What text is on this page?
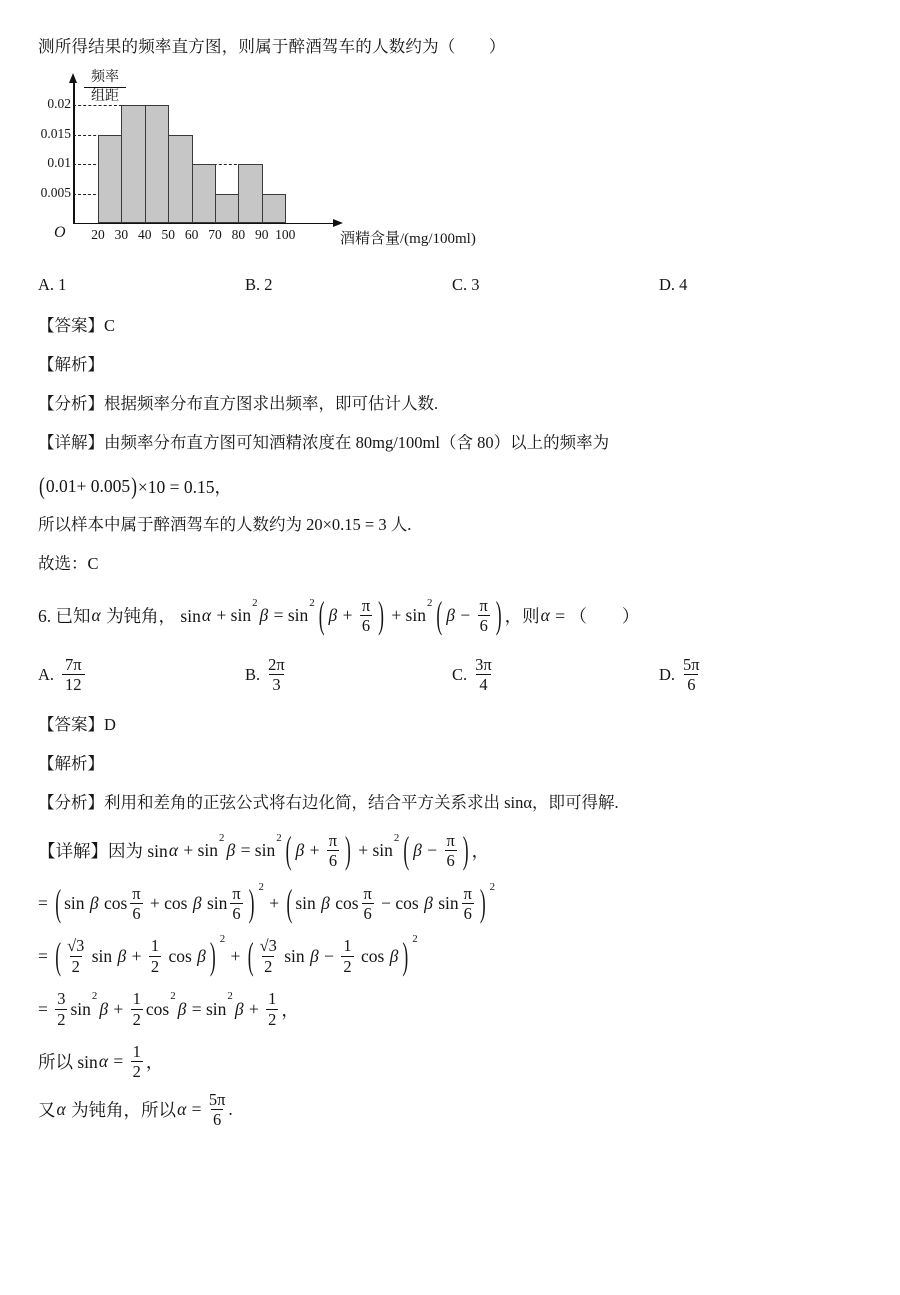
测所得结果的频率直方图，则属于醉酒驾车的人数约为（　　）
频率
组距
酒精含量/(mg/100ml)
O
0.005
0.01
0.015
0.02
20 30 40 50 60 70 80 90 100
A. 1	B. 2	C. 3	D. 4
【答案】C
【解析】
【分析】根据频率分布直方图求出频率，即可估计人数.
【详解】由频率分布直方图可知酒精浓度在 80mg/100ml（含 80）以上的频率为
( 0.01+ 0.005 ) ×10 = 0.15，
所以样本中属于醉酒驾车的人数约为 20×0.15 = 3 人.
故选：C
6. 已知 α 为钝角， sin α + sin
2
β = sin
2 ( $\beta + \frac{\pi}{6}$ ) + sin
2 ( $\beta - \frac{\pi}{6}$ ) ，则 α = （　　）
A. $\frac{7\pi}{12}$	B. $\frac{2\pi}{3}$	C. $\frac{3\pi}{4}$	D. $\frac{5\pi}{6}$
【答案】D
【解析】
【分析】利用和差角的正弦公式将右边化简，结合平方关系求出 sinα，即可得解.
【详解】因为 sin α + sin
2
β = sin
2 ( $\beta + \frac{\pi}{6}$ ) + sin
2 ( $\beta - \frac{\pi}{6}$ ) ，
= ( sin β $\cos \frac{\pi}{6} + \cos \beta$ $\sin \frac{\pi}{6}$ ) 2
+ ( sin β $\cos \frac{\pi}{6} - \cos \beta$ $\sin \frac{\pi}{6}$ ) 2
= ( $\frac{√3}{2}$ $\sin \beta + \frac{1}{2}$ cos β ) 2
+ ( $\frac{√3}{2}$ $\sin \beta - \frac{1}{2}$ cos β ) 2
= $\frac{3}{2}$ sin
2
$\beta + \frac{1}{2}$ cos
2
β = sin
2
$\beta + \frac{1}{2}$ ，
所以 $\sin \alpha = \frac{1}{2}$ ，
又 α 为钝角，所以 $\alpha = \frac{5\pi}{6}$ .
